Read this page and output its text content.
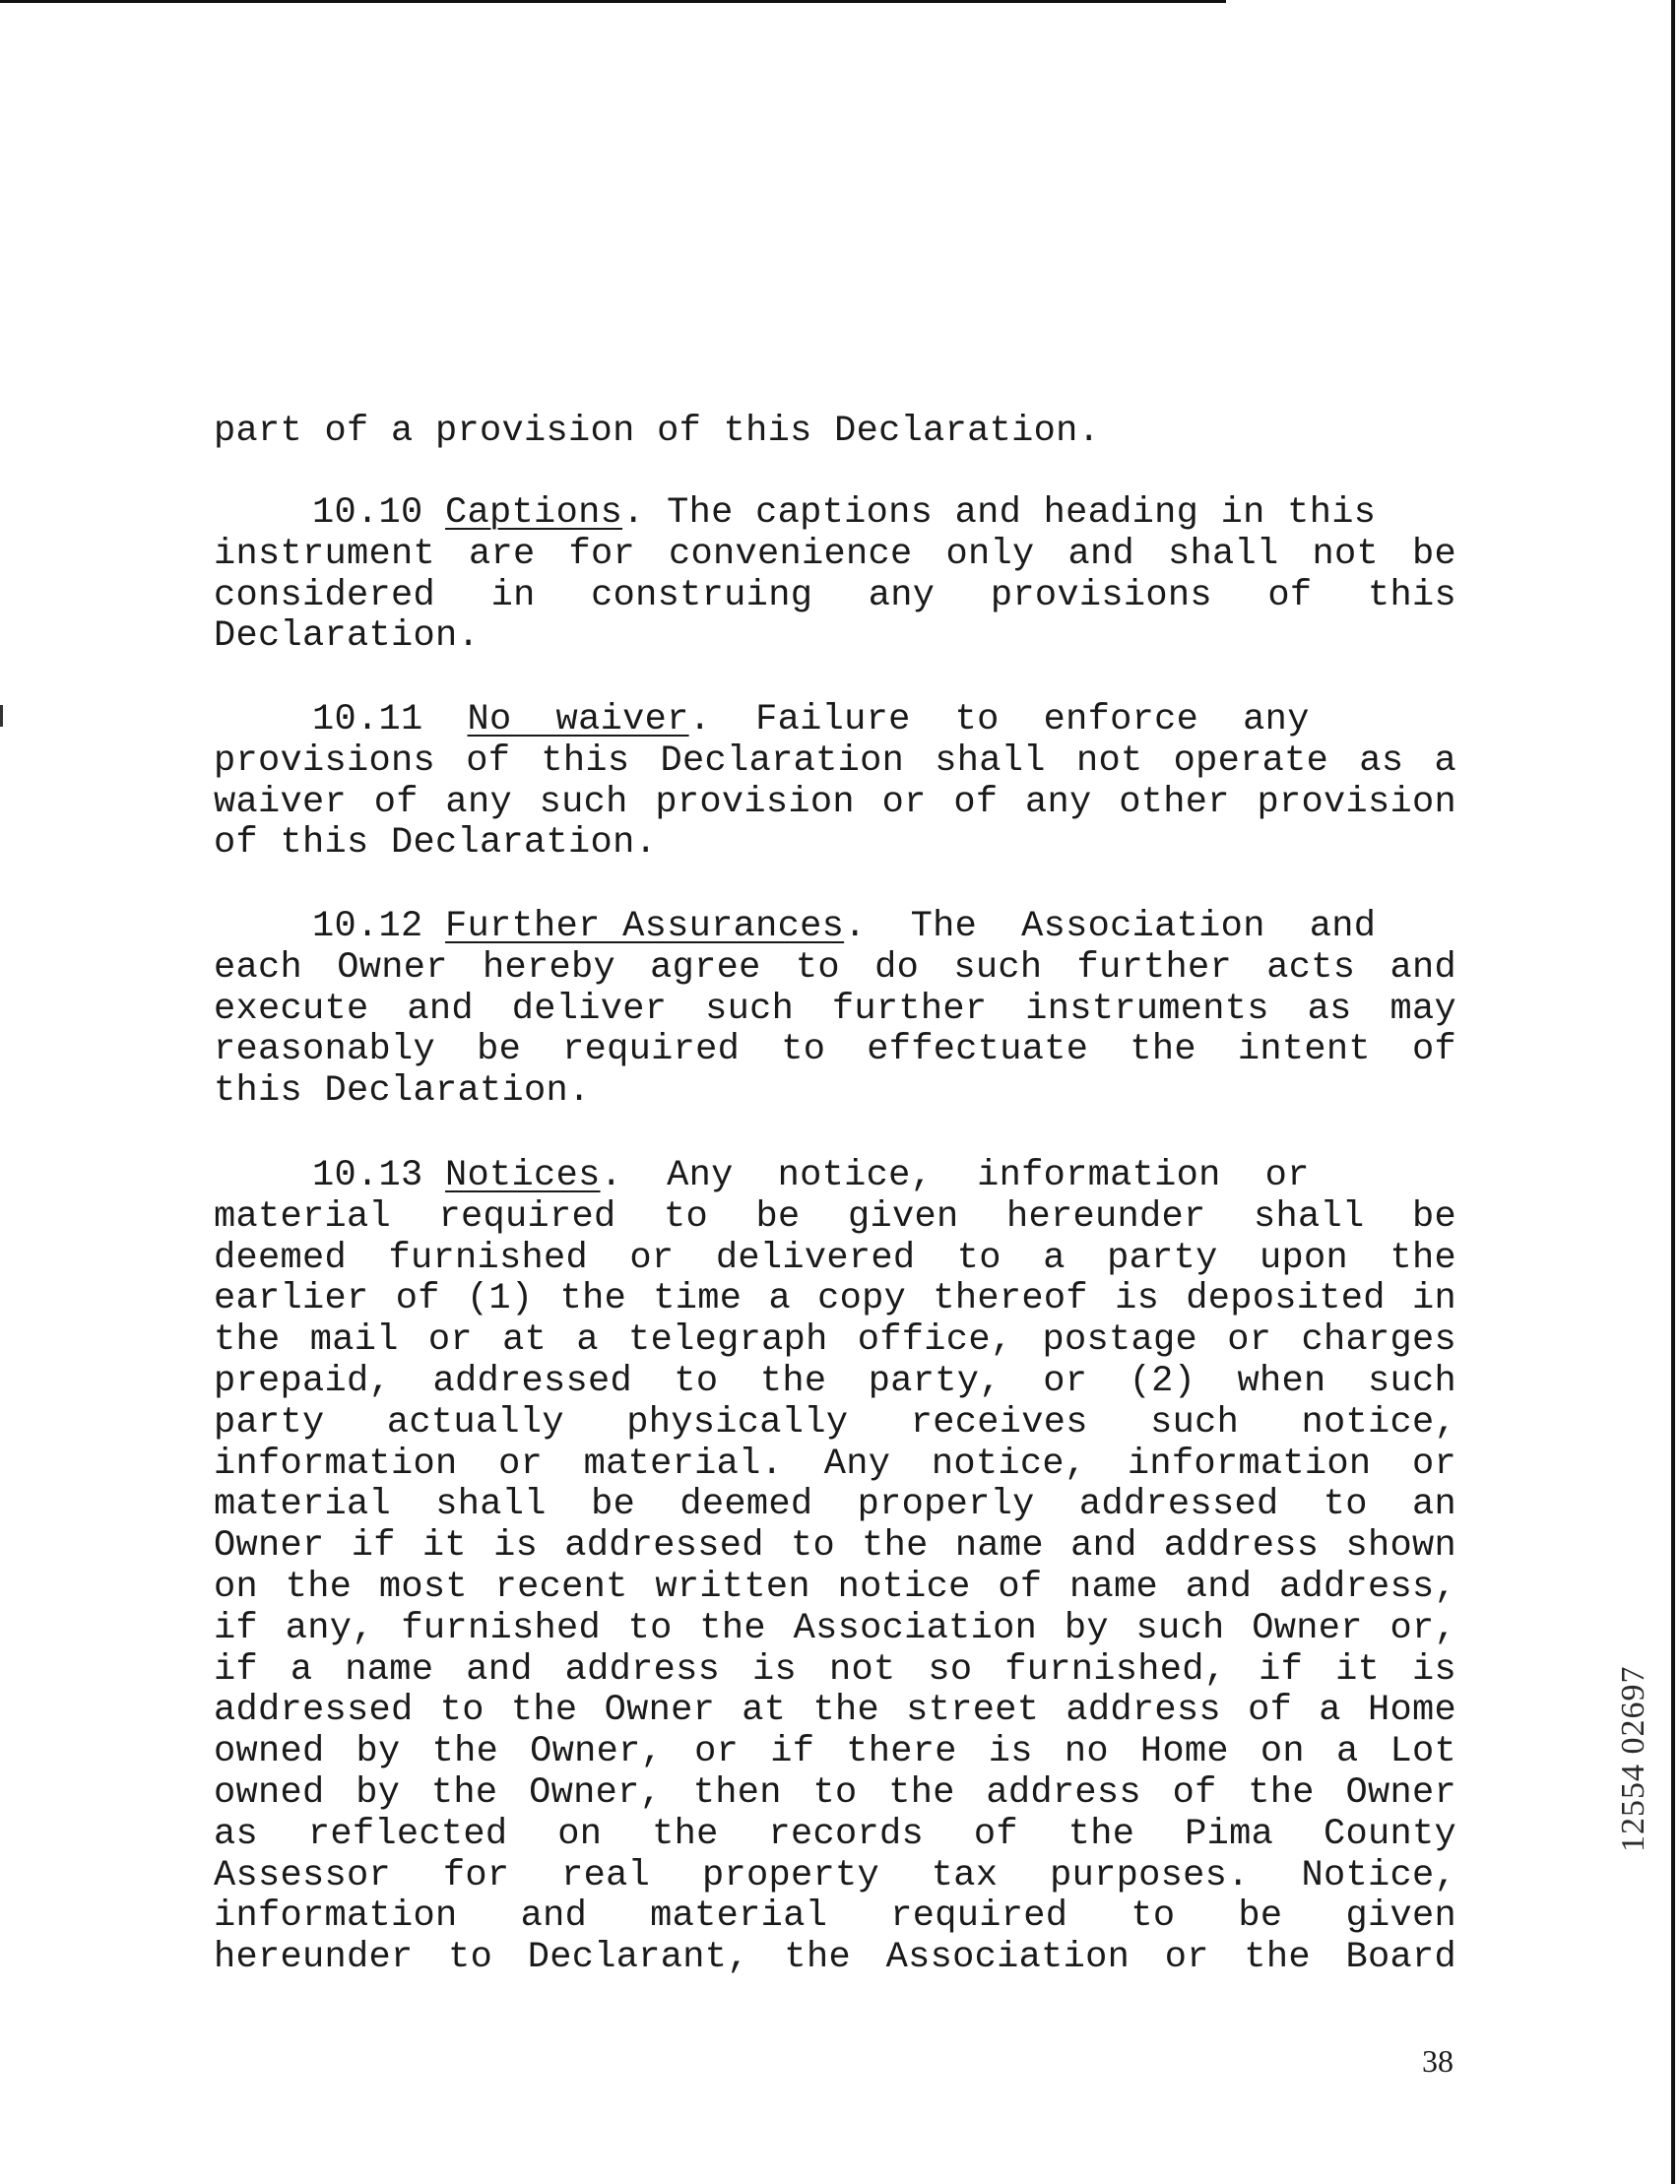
part of a provision of this Declaration.
10.10 Captions. The captions and heading in this
instrument are for convenience only and shall not be
considered in construing any provisions of this
Declaration.
10.11 No  waiver.  Failure  to  enforce  any
provisions of this Declaration shall not operate as a
waiver of any such provision or of any other provision
of this Declaration.
10.12 Further Assurances.  The  Association  and
each Owner hereby agree to do such further acts and
execute and deliver such further instruments as may
reasonably be required to effectuate the intent of
this Declaration.
10.13 Notices.  Any  notice,  information  or
material required to be given hereunder shall be
deemed furnished or delivered to a party upon the
earlier of (1) the time a copy thereof is deposited in
the mail or at a telegraph office, postage or charges
prepaid, addressed to the party, or (2) when such
party actually physically receives such notice,
information or material. Any notice, information or
material shall be deemed properly addressed to an
Owner if it is addressed to the name and address shown
on the most recent written notice of name and address,
if any, furnished to the Association by such Owner or,
if a name and address is not so furnished, if it is
addressed to the Owner at the street address of a Home
owned by the Owner, or if there is no Home on a Lot
owned by the Owner, then to the address of the Owner
as reflected on the records of the Pima County
Assessor for real property tax purposes. Notice,
information and material required to be given
hereunder to Declarant, the Association or the Board
12554 02697
38
